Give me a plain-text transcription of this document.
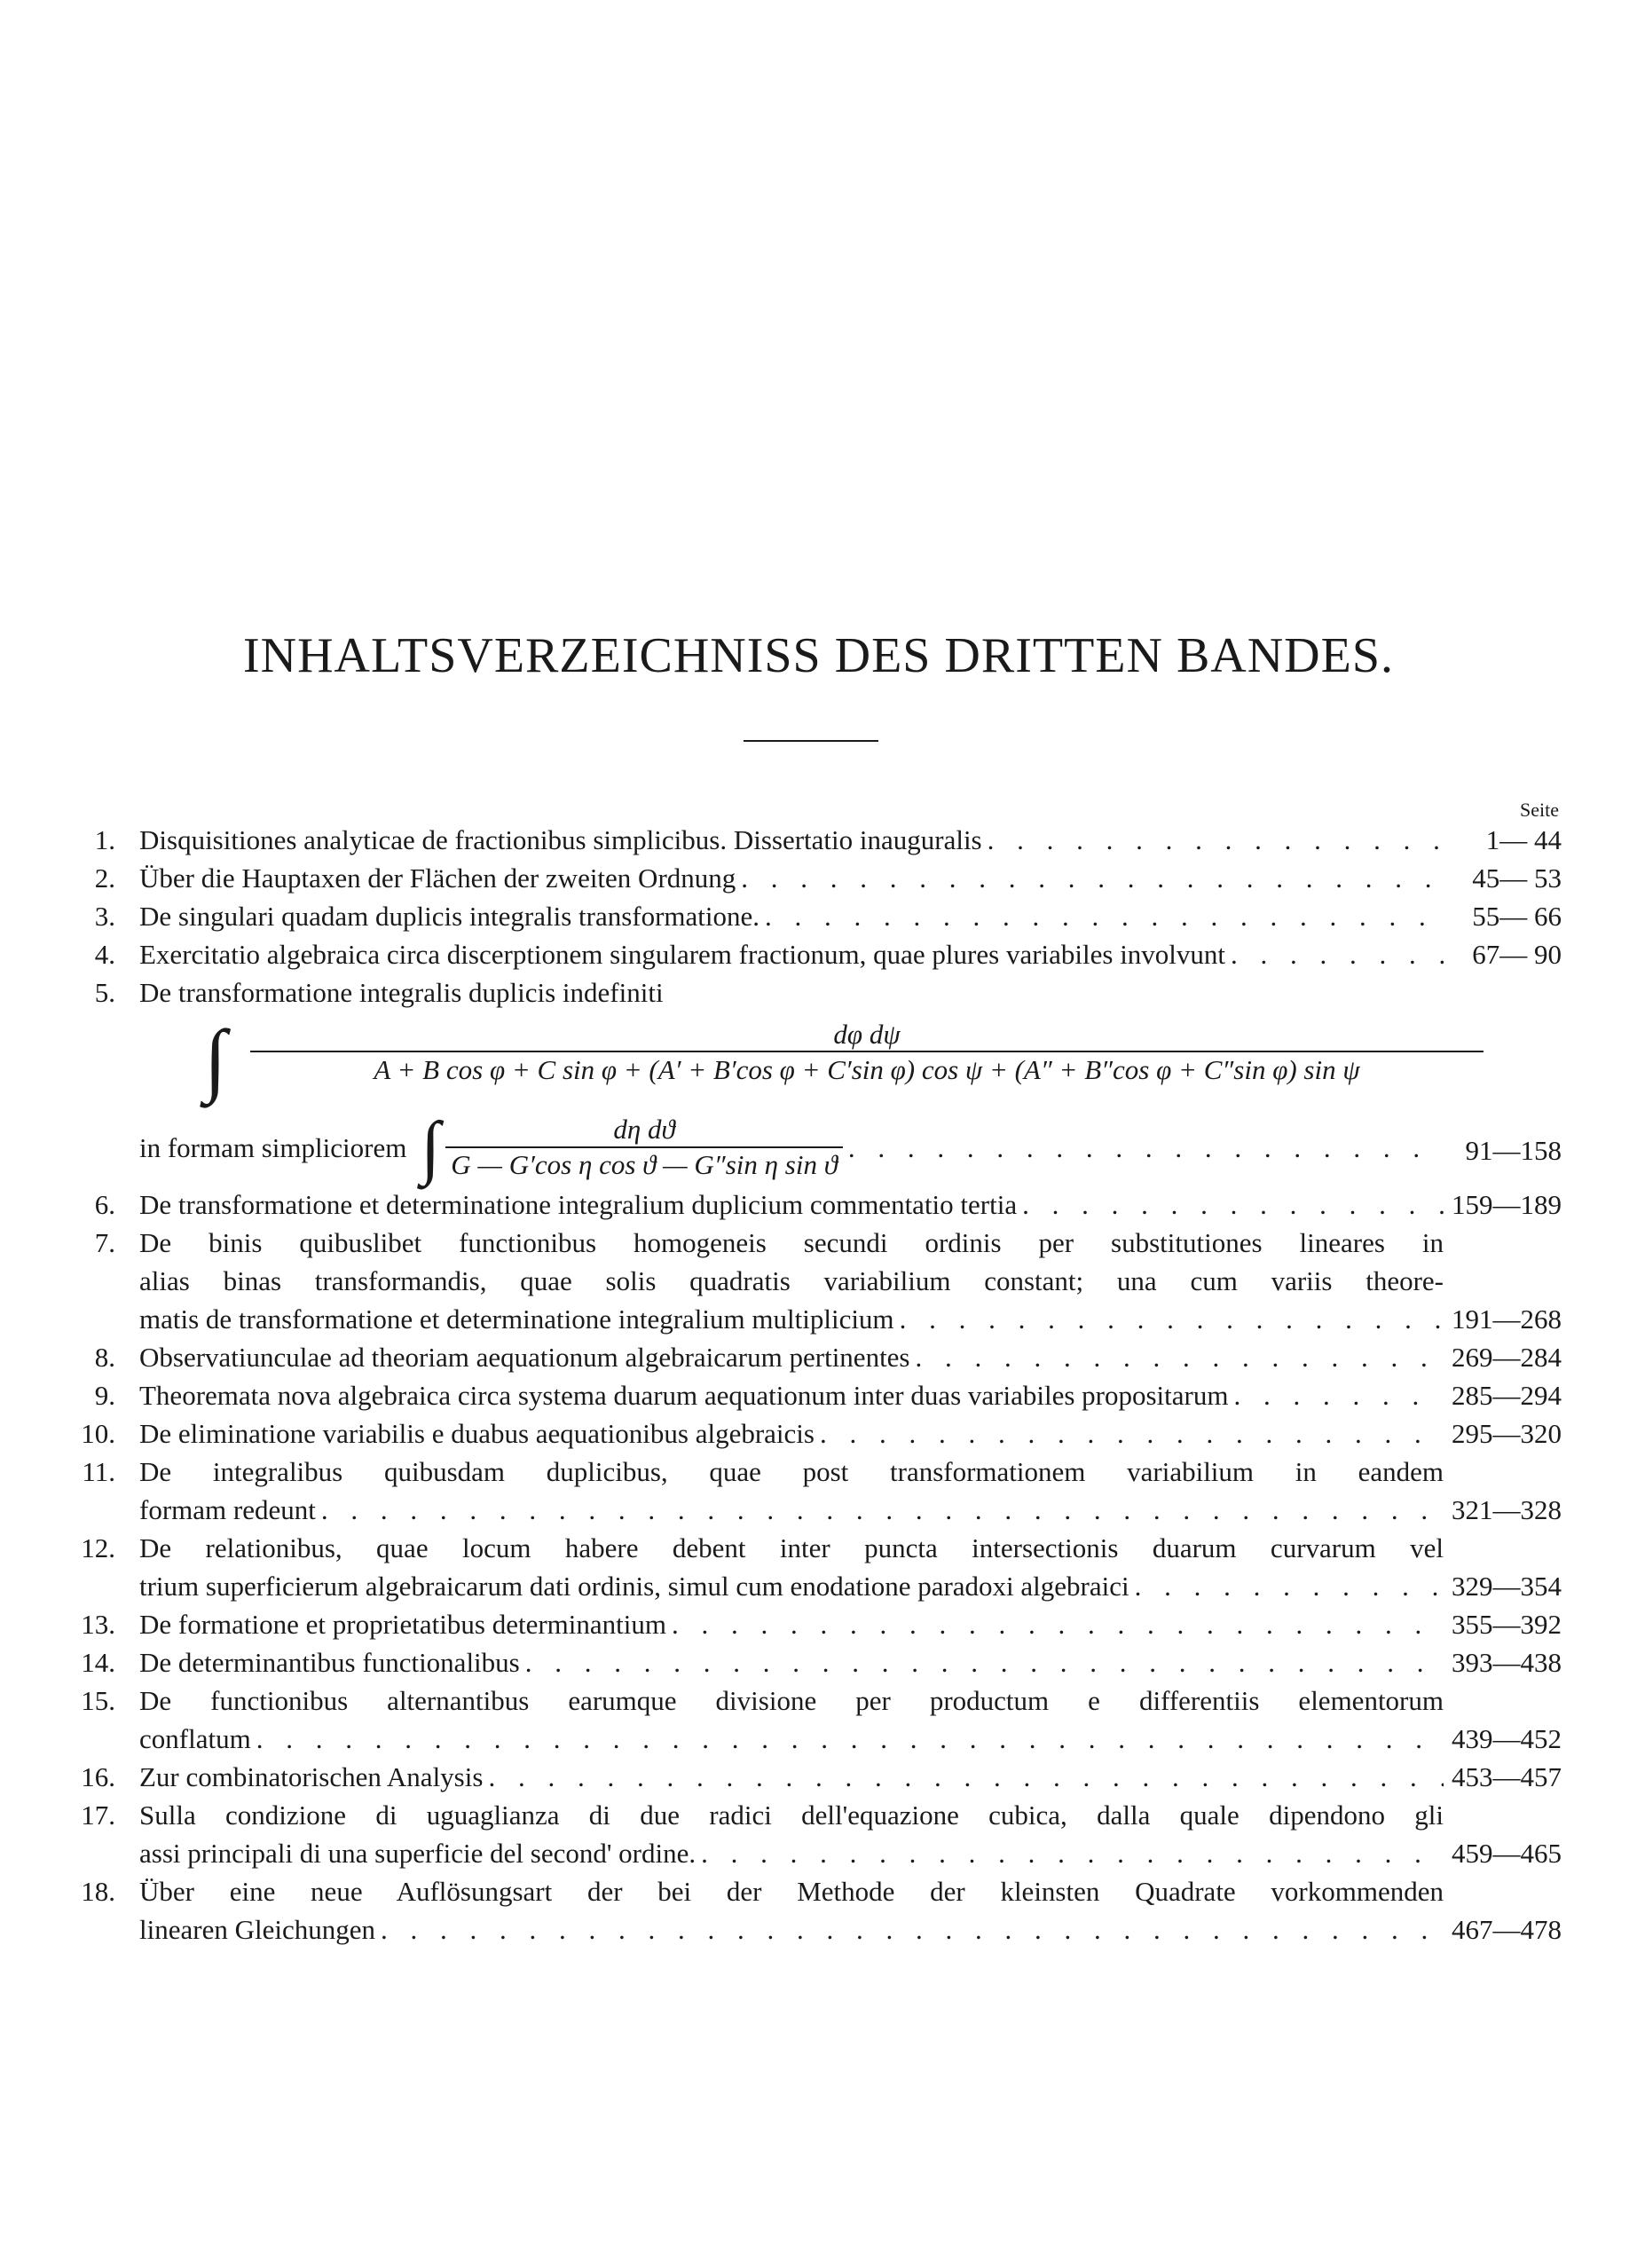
INHALTSVERZEICHNISS DES DRITTEN BANDES.
Seite
1. Disquisitiones analyticae de fractionibus simplicibus. Dissertatio inauguralis . . .	1— 44
2. Über die Hauptaxen der Flächen der zweiten Ordnung . . .	45— 53
3. De singulari quadam duplicis integralis transformatione. . . .	55— 66
4. Exercitatio algebraica circa discerptionem singularem fractionum, quae plures variabiles involvunt . . .	67— 90
5. De transformatione integralis duplicis indefiniti
∫	dφ dψ
A + B cos φ + C sin φ + (A′ + B′cos φ + C′sin φ) cos ψ + (A″ + B″cos φ + C″sin φ) sin ψ
in formam simpliciorem ∫ $\frac{\text{dη dϑ}}{\text{G — G′cos η cos ϑ — G″sin η sin ϑ}}$ . . .	91—158
6. De transformatione et determinatione integralium duplicium commentatio tertia . . .	159—189
7. De binis quibuslibet functionibus homogeneis secundi ordinis per substitutiones lineares in
alias binas transformandis, quae solis quadratis variabilium constant; una cum variis theore-
matis de transformatione et determinatione integralium multiplicium . . .	191—268
8. Observatiunculae ad theoriam aequationum algebraicarum pertinentes . . .	269—284
9. Theoremata nova algebraica circa systema duarum aequationum inter duas variabiles propositarum . . .	285—294
10. De eliminatione variabilis e duabus aequationibus algebraicis . . .	295—320
11. De integralibus quibusdam duplicibus, quae post transformationem variabilium in eandem
formam redeunt . . .	321—328
12. De relationibus, quae locum habere debent inter puncta intersectionis duarum curvarum vel
trium superficierum algebraicarum dati ordinis, simul cum enodatione paradoxi algebraici . . .	329—354
13. De formatione et proprietatibus determinantium . . .	355—392
14. De determinantibus functionalibus . . .	393—438
15. De functionibus alternantibus earumque divisione per productum e differentiis elementorum
conflatum . . .	439—452
16. Zur combinatorischen Analysis . . .	453—457
17. Sulla condizione di uguaglianza di due radici dell'equazione cubica, dalla quale dipendono gli
assi principali di una superficie del second' ordine. . . .	459—465
18. Über eine neue Auflösungsart der bei der Methode der kleinsten Quadrate vorkommenden
linearen Gleichungen . . .	467—478
